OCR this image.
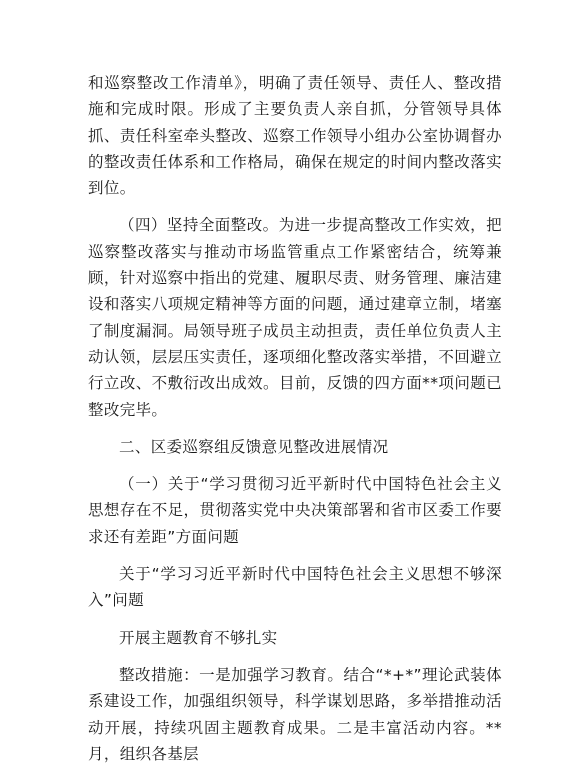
和巡察整改工作清单》，明确了责任领导、责任人、整改措施和完成时限。形成了主要负责人亲自抓，分管领导具体抓、责任科室牵头整改、巡察工作领导小组办公室协调督办的整改责任体系和工作格局，确保在规定的时间内整改落实到位。

（四）坚持全面整改。为进一步提高整改工作实效，把巡察整改落实与推动市场监管重点工作紧密结合，统筹兼顾，针对巡察中指出的党建、履职尽责、财务管理、廉洁建设和落实八项规定精神等方面的问题，通过建章立制，堵塞了制度漏洞。局领导班子成员主动担责，责任单位负责人主动认领，层层压实责任，逐项细化整改落实举措，不回避立行立改、不敷衍改出成效。目前，反馈的四方面**项问题已整改完毕。

二、区委巡察组反馈意见整改进展情况

（一）关于“学习贯彻习近平新时代中国特色社会主义思想存在不足，贯彻落实党中央决策部署和省市区委工作要求还有差距”方面问题

关于“学习习近平新时代中国特色社会主义思想不够深入”问题

开展主题教育不够扎实

整改措施：一是加强学习教育。结合“*+*”理论武装体系建设工作，加强组织领导，科学谋划思路，多举措推动活动开展，持续巩固主题教育成果。二是丰富活动内容。**月，组织各基层
